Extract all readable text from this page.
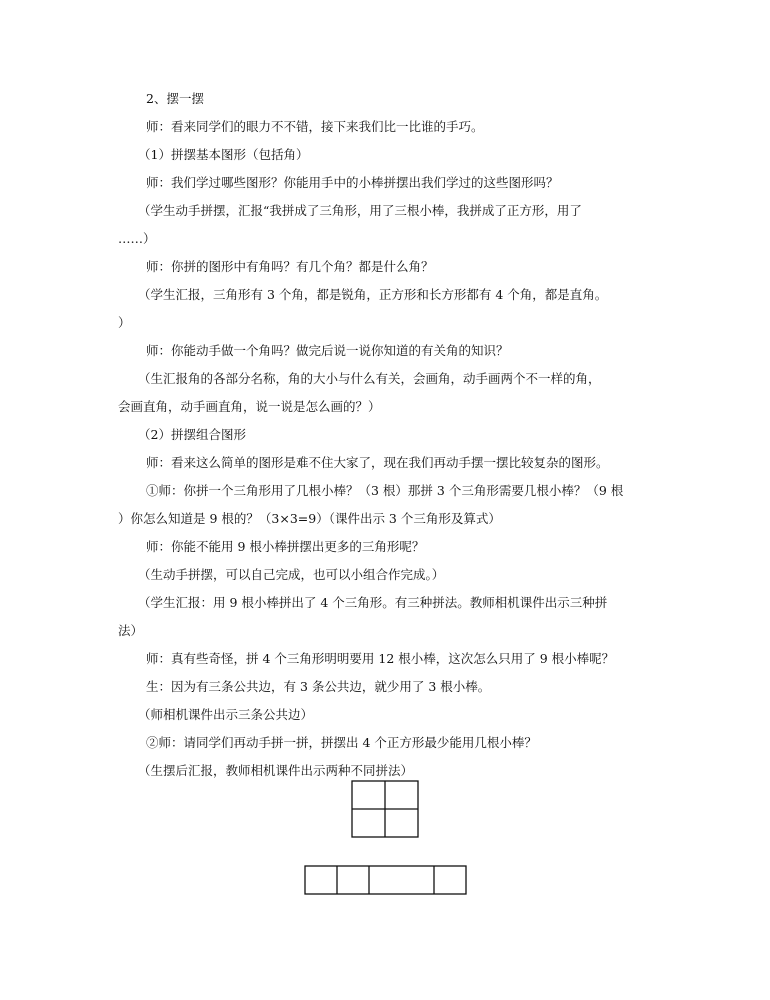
2、摆一摆
师：看来同学们的眼力不不错，接下来我们比一比谁的手巧。
（1）拼摆基本图形（包括角）
师：我们学过哪些图形？你能用手中的小棒拼摆出我们学过的这些图形吗？
（学生动手拼摆，汇报“我拼成了三角形，用了三根小棒，我拼成了正方形，用了
……）
师：你拼的图形中有角吗？有几个角？都是什么角？
（学生汇报，三角形有 3 个角，都是锐角，正方形和长方形都有 4 个角，都是直角。
）
师：你能动手做一个角吗？做完后说一说你知道的有关角的知识？
（生汇报角的各部分名称，角的大小与什么有关，会画角，动手画两个不一样的角，
会画直角，动手画直角，说一说是怎么画的？）
（2）拼摆组合图形
师：看来这么简单的图形是难不住大家了，现在我们再动手摆一摆比较复杂的图形。
①师：你拼一个三角形用了几根小棒？（3 根）那拼 3 个三角形需要几根小棒？（9 根
）你怎么知道是 9 根的？（3×3=9）（课件出示 3 个三角形及算式）
师：你能不能用 9 根小棒拼摆出更多的三角形呢？
（生动手拼摆，可以自己完成，也可以小组合作完成。）
（学生汇报：用 9 根小棒拼出了 4 个三角形。有三种拼法。教师相机课件出示三种拼
法）
师：真有些奇怪，拼 4 个三角形明明要用 12 根小棒，这次怎么只用了 9 根小棒呢？
生：因为有三条公共边，有 3 条公共边，就少用了 3 根小棒。
（师相机课件出示三条公共边）
②师：请同学们再动手拼一拼，拼摆出 4 个正方形最少能用几根小棒？
（生摆后汇报，教师相机课件出示两种不同拼法）
